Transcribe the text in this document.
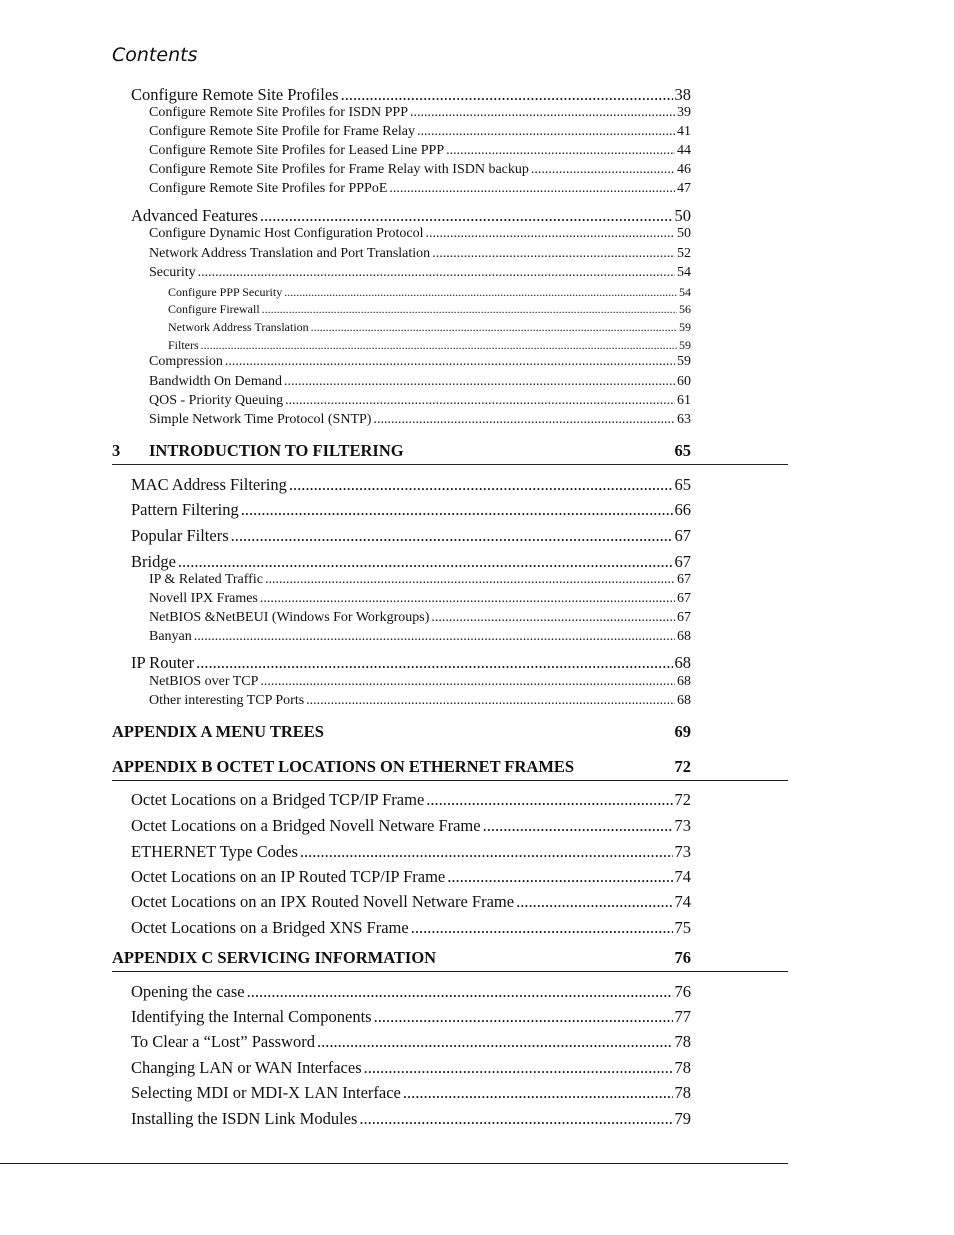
Contents
Configure Remote Site Profiles .....	38
Configure Remote Site Profiles for ISDN PPP .....	39
Configure Remote Site Profile for Frame Relay .....	41
Configure Remote Site Profiles for Leased Line PPP .....	44
Configure Remote Site Profiles for Frame Relay with ISDN backup .....	46
Configure Remote Site Profiles for PPPoE .....	47
Advanced Features .....	50
Configure Dynamic Host Configuration Protocol .....	50
Network Address Translation and Port Translation .....	52
Security .....	54
Configure PPP Security .....	54
Configure Firewall .....	56
Network Address Translation .....	59
Filters .....	59
Compression .....	59
Bandwidth On Demand .....	60
QOS - Priority Queuing .....	61
Simple Network Time Protocol (SNTP) .....	63
3 INTRODUCTION TO FILTERING	65
MAC Address Filtering .....	65
Pattern Filtering .....	66
Popular Filters .....	67
Bridge .....	67
IP & Related Traffic .....	67
Novell IPX Frames .....	67
NetBIOS &NetBEUI (Windows For Workgroups) .....	67
Banyan .....	68
IP Router .....	68
NetBIOS over TCP .....	68
Other interesting TCP Ports .....	68
APPENDIX A MENU TREES	69
APPENDIX B OCTET LOCATIONS ON ETHERNET FRAMES	72
Octet Locations on a Bridged TCP/IP Frame .....	72
Octet Locations on a Bridged Novell Netware Frame .....	73
ETHERNET Type Codes .....	73
Octet Locations on an IP Routed TCP/IP Frame .....	74
Octet Locations on an IPX Routed Novell Netware Frame .....	74
Octet Locations on a Bridged XNS Frame .....	75
APPENDIX C SERVICING INFORMATION	76
Opening the case .....	76
Identifying the Internal Components .....	77
To Clear a “Lost” Password .....	78
Changing LAN or WAN Interfaces .....	78
Selecting MDI or MDI-X LAN Interface .....	78
Installing the ISDN Link Modules .....	79
